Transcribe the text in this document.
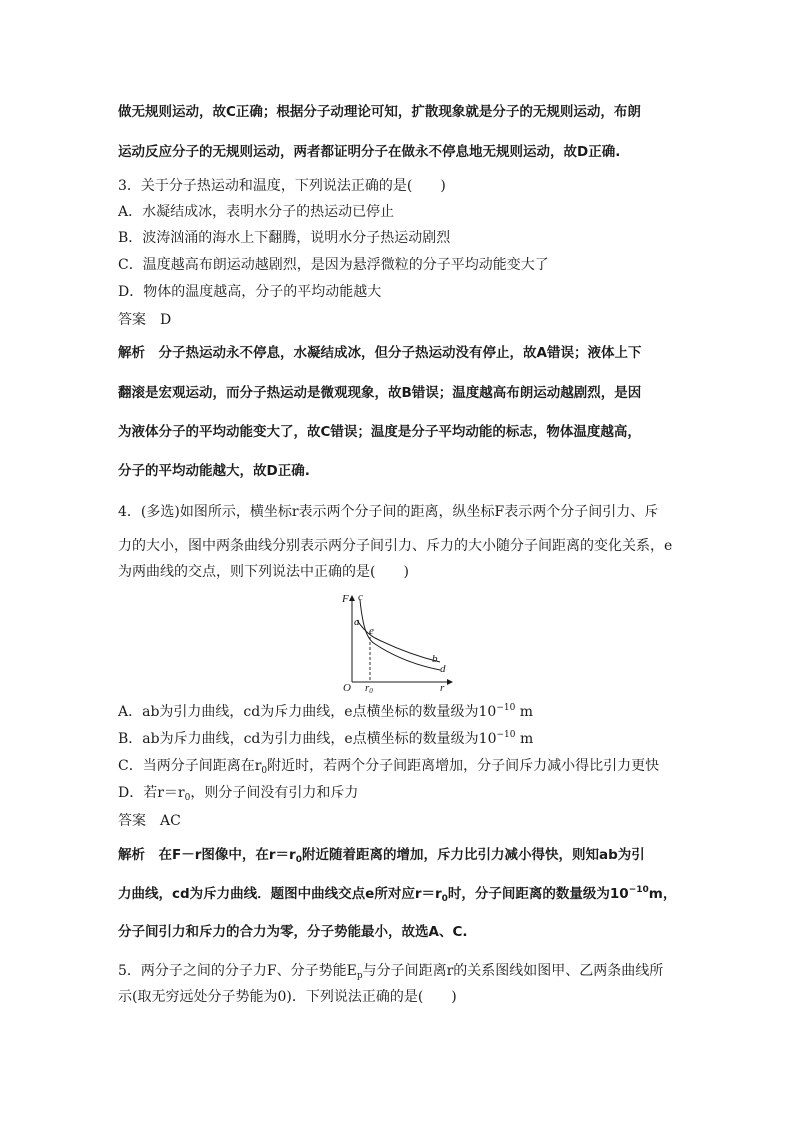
做无规则运动，故C正确；根据分子动理论可知，扩散现象就是分子的无规则运动，布朗
运动反应分子的无规则运动，两者都证明分子在做永不停息地无规则运动，故D正确.
3．关于分子热运动和温度，下列说法正确的是(　　)
A．水凝结成冰，表明水分子的热运动已停止
B．波涛汹涌的海水上下翻腾，说明水分子热运动剧烈
C．温度越高布朗运动越剧烈，是因为悬浮微粒的分子平均动能变大了
D．物体的温度越高，分子的平均动能越大
答案　D
解析　分子热运动永不停息，水凝结成冰，但分子热运动没有停止，故A错误；液体上下
翻滚是宏观运动，而分子热运动是微观现象，故B错误；温度越高布朗运动越剧烈，是因
为液体分子的平均动能变大了，故C错误；温度是分子平均动能的标志，物体温度越高，
分子的平均动能越大，故D正确.
4．(多选)如图所示，横坐标r表示两个分子间的距离，纵坐标F表示两个分子间引力、斥
力的大小，图中两条曲线分别表示两分子间引力、斥力的大小随分子间距离的变化关系，e
为两曲线的交点，则下列说法中正确的是(　　)
F c
a
e
b
d
O r0	r
A．ab为引力曲线，cd为斥力曲线，e点横坐标的数量级为$10^{-10}$ m
B．ab为斥力曲线，cd为引力曲线，e点横坐标的数量级为$10^{-10}$ m
C．当两分子间距离在$r_0$附近时，若两个分子间距离增加，分子间斥力减小得比引力更快
D．若$r=r_0$，则分子间没有引力和斥力
答案　AC
解析　在F－r图像中，在$r=r_0$附近随着距离的增加，斥力比引力减小得快，则知ab为引
力曲线，cd为斥力曲线．题图中曲线交点e所对应$r=r_0$时，分子间距离的数量级为$10^{-10}m$，
分子间引力和斥力的合力为零，分子势能最小，故选A、C.
5．两分子之间的分子力F、分子势能$E_p$与分子间距离r的关系图线如图甲、乙两条曲线所
示(取无穷远处分子势能为0)．下列说法正确的是(　　)
